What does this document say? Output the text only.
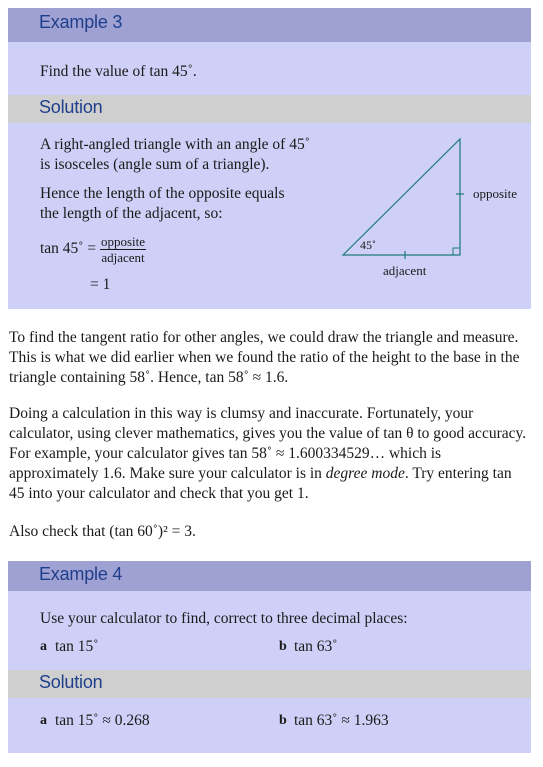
Example 3
Find the value of tan 45˚.
Solution
A right-angled triangle with an angle of 45˚
is isosceles (angle sum of a triangle).
Hence the length of the opposite equals
the length of the adjacent, so:
tan 45˚ = $\frac{\text{opposite}}{\text{adjacent}}$
= 1
45˚
opposite
adjacent

To find the tangent ratio for other angles, we could draw the triangle and measure. This is what we did earlier when we found the ratio of the height to the base in the triangle containing 58˚. Hence, tan 58˚ ≈ 1.6.

Doing a calculation in this way is clumsy and inaccurate. Fortunately, your calculator, using clever mathematics, gives you the value of tan θ to good accuracy. For example, your calculator gives tan 58˚ ≈ 1.600334529… which is approximately 1.6. Make sure your calculator is in degree mode. Try entering tan 45 into your calculator and check that you get 1.

Also check that (tan 60˚)² = 3.

Example 4
Use your calculator to find, correct to three decimal places:
a tan 15˚	b tan 63˚
Solution
a tan 15˚ ≈ 0.268	b tan 63˚ ≈ 1.963
